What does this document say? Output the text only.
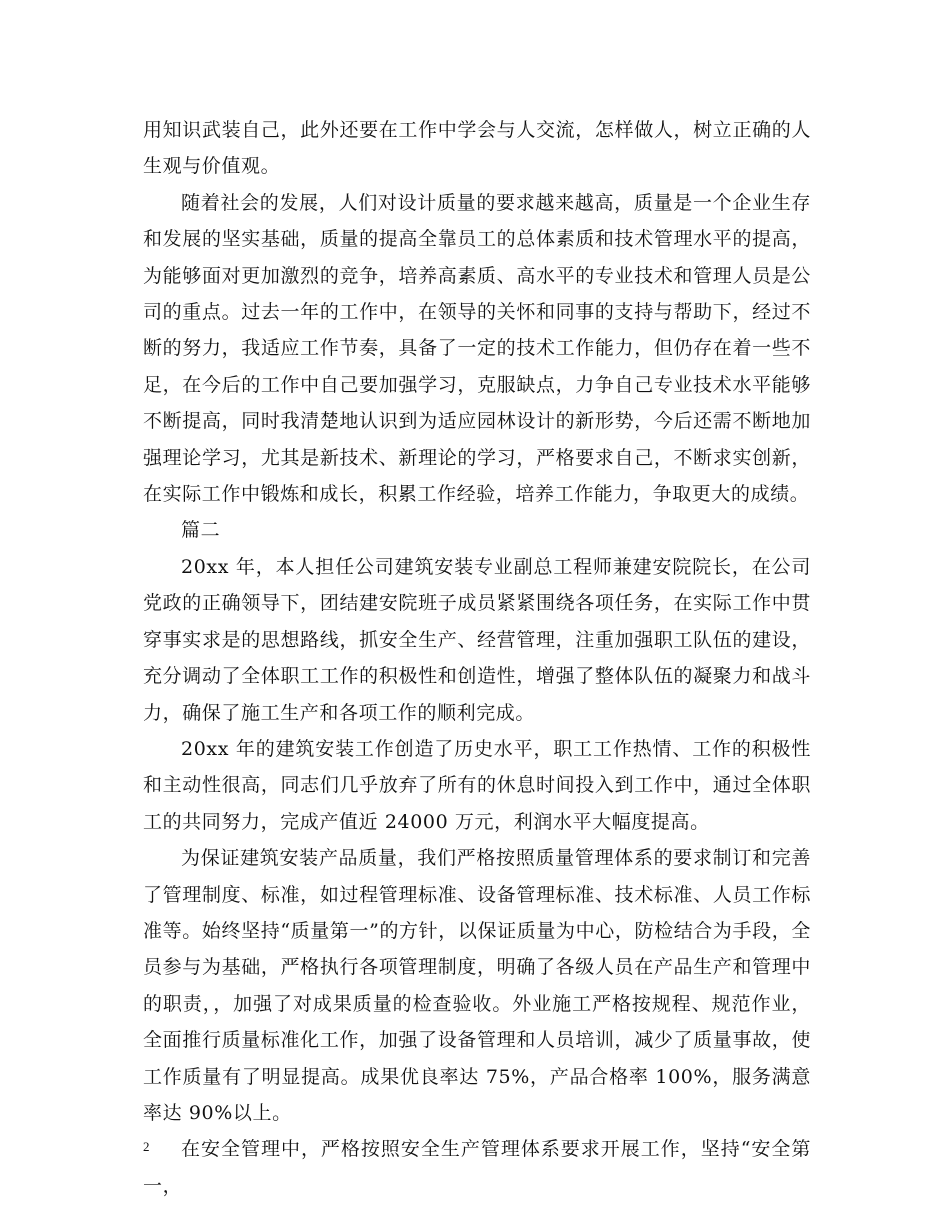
用知识武装自己，此外还要在工作中学会与人交流，怎样做人，树立正确的人生观与价值观。

随着社会的发展，人们对设计质量的要求越来越高，质量是一个企业生存和发展的坚实基础，质量的提高全靠员工的总体素质和技术管理水平的提高，为能够面对更加激烈的竞争，培养高素质、高水平的专业技术和管理人员是公司的重点。过去一年的工作中，在领导的关怀和同事的支持与帮助下，经过不断的努力，我适应工作节奏，具备了一定的技术工作能力，但仍存在着一些不足，在今后的工作中自己要加强学习，克服缺点，力争自己专业技术水平能够不断提高，同时我清楚地认识到为适应园林设计的新形势，今后还需不断地加强理论学习，尤其是新技术、新理论的学习，严格要求自己，不断求实创新，在实际工作中锻炼和成长，积累工作经验，培养工作能力，争取更大的成绩。

篇二

20xx 年，本人担任公司建筑安装专业副总工程师兼建安院院长，在公司党政的正确领导下，团结建安院班子成员紧紧围绕各项任务，在实际工作中贯穿事实求是的思想路线，抓安全生产、经营管理，注重加强职工队伍的建设，充分调动了全体职工工作的积极性和创造性，增强了整体队伍的凝聚力和战斗力，确保了施工生产和各项工作的顺利完成。

20xx 年的建筑安装工作创造了历史水平，职工工作热情、工作的积极性和主动性很高，同志们几乎放弃了所有的休息时间投入到工作中，通过全体职工的共同努力，完成产值近 24000 万元，利润水平大幅度提高。

为保证建筑安装产品质量，我们严格按照质量管理体系的要求制订和完善了管理制度、标准，如过程管理标准、设备管理标准、技术标准、人员工作标准等。始终坚持“质量第一”的方针，以保证质量为中心，防检结合为手段，全员参与为基础，严格执行各项管理制度，明确了各级人员在产品生产和管理中的职责，，加强了对成果质量的检查验收。外业施工严格按规程、规范作业，全面推行质量标准化工作，加强了设备管理和人员培训，减少了质量事故，使工作质量有了明显提高。成果优良率达 75%，产品合格率 100%，服务满意率达 90%以上。

在安全管理中，严格按照安全生产管理体系要求开展工作，坚持“安全第一，

2
